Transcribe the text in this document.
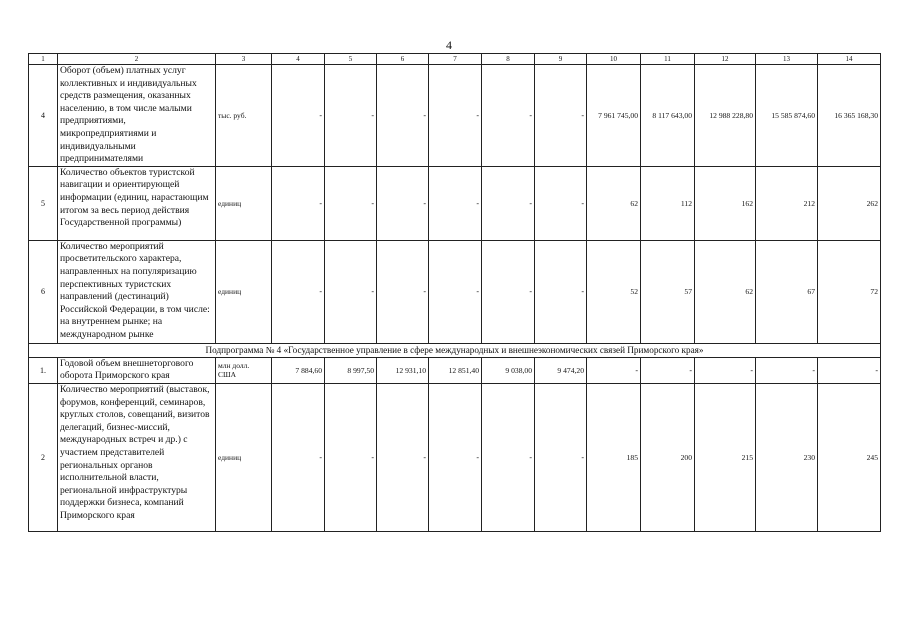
4
1	2	3	4	5	6	7	8	9	10	11	12	13	14
4	Оборот (объем) платных услуг коллективных и индивидуальных средств размещения, оказанных населению, в том числе малыми предприятиями, микропредприятиями и индивидуальными предпринимателями	тыс. руб.	-	-	-	-	-	-	7 961 745,00	8 117 643,00	12 988 228,80	15 585 874,60	16 365 168,30
5	Количество объектов туристской навигации и ориентирующей информации (единиц, нарастающим итогом за весь период действия Государственной программы)	единиц	-	-	-	-	-	-	62	112	162	212	262
6	Количество мероприятий просветительского характера, направленных на популяризацию перспективных туристских направлений (дестинаций) Российской Федерации, в том числе: на внутреннем рынке; на международном рынке	единиц	-	-	-	-	-	-	52	57	62	67	72
Подпрограмма № 4 «Государственное управление в сфере международных и внешнеэкономических связей Приморского края»													
1.	Годовой объем внешнеторгового оборота Приморского края	млн долл. США	7 884,60	8 997,50	12 931,10	12 851,40	9 038,00	9 474,20	-	-	-	-	-
2	Количество мероприятий (выставок, форумов, конференций, семинаров, круглых столов, совещаний, визитов делегаций, бизнес-миссий, международных встреч и др.) с участием представителей региональных органов исполнительной власти, региональной инфраструктуры поддержки бизнеса, компаний Приморского края	единиц	-	-	-	-	-	-	185	200	215	230	245
